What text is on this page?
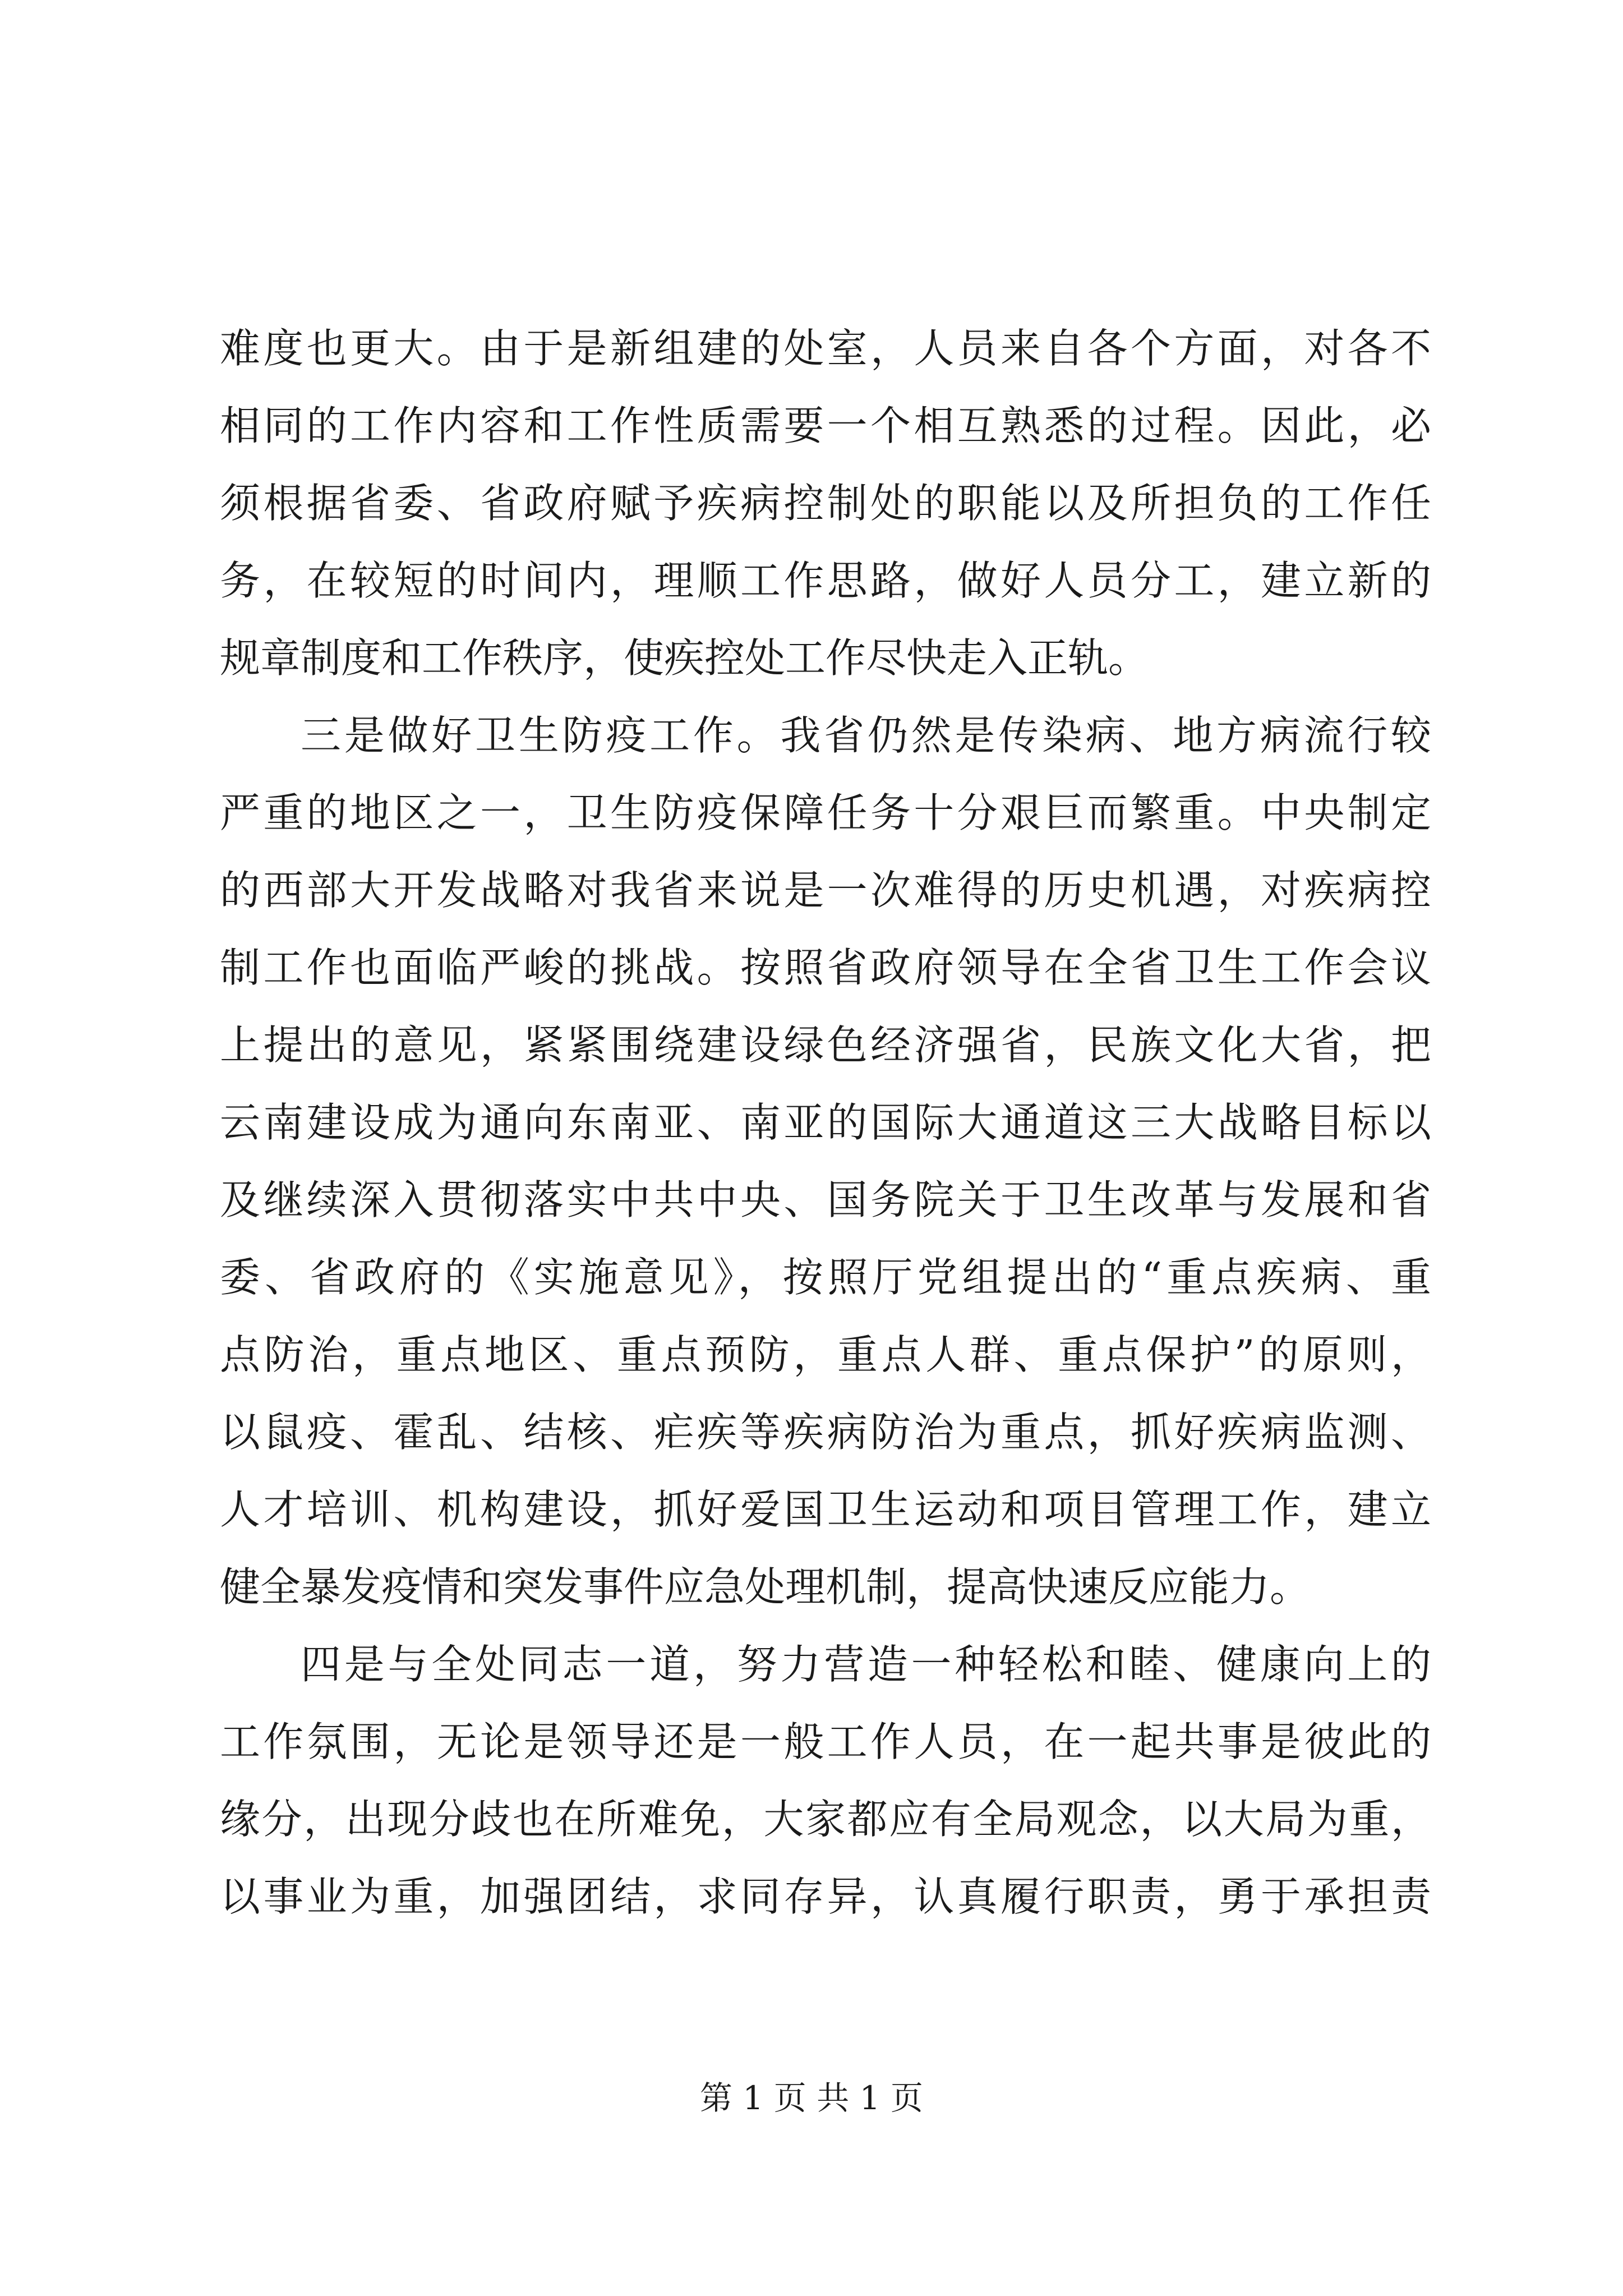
难度也更大。由于是新组建的处室，人员来自各个方面，对各不
相同的工作内容和工作性质需要一个相互熟悉的过程。因此，必
须根据省委、省政府赋予疾病控制处的职能以及所担负的工作任
务，在较短的时间内，理顺工作思路，做好人员分工，建立新的
规章制度和工作秩序，使疾控处工作尽快走入正轨。
三是做好卫生防疫工作。我省仍然是传染病、地方病流行较
严重的地区之一，卫生防疫保障任务十分艰巨而繁重。中央制定
的西部大开发战略对我省来说是一次难得的历史机遇，对疾病控
制工作也面临严峻的挑战。按照省政府领导在全省卫生工作会议
上提出的意见，紧紧围绕建设绿色经济强省，民族文化大省，把
云南建设成为通向东南亚、南亚的国际大通道这三大战略目标以
及继续深入贯彻落实中共中央、国务院关于卫生改革与发展和省
委、省政府的《实施意见》，按照厅党组提出的“重点疾病、重
点防治，重点地区、重点预防，重点人群、重点保护”的原则，
以鼠疫、霍乱、结核、疟疾等疾病防治为重点，抓好疾病监测、
人才培训、机构建设，抓好爱国卫生运动和项目管理工作，建立
健全暴发疫情和突发事件应急处理机制，提高快速反应能力。
四是与全处同志一道，努力营造一种轻松和睦、健康向上的
工作氛围，无论是领导还是一般工作人员，在一起共事是彼此的
缘分，出现分歧也在所难免，大家都应有全局观念，以大局为重，
以事业为重，加强团结，求同存异，认真履行职责，勇于承担责
第 1 页 共 1 页
